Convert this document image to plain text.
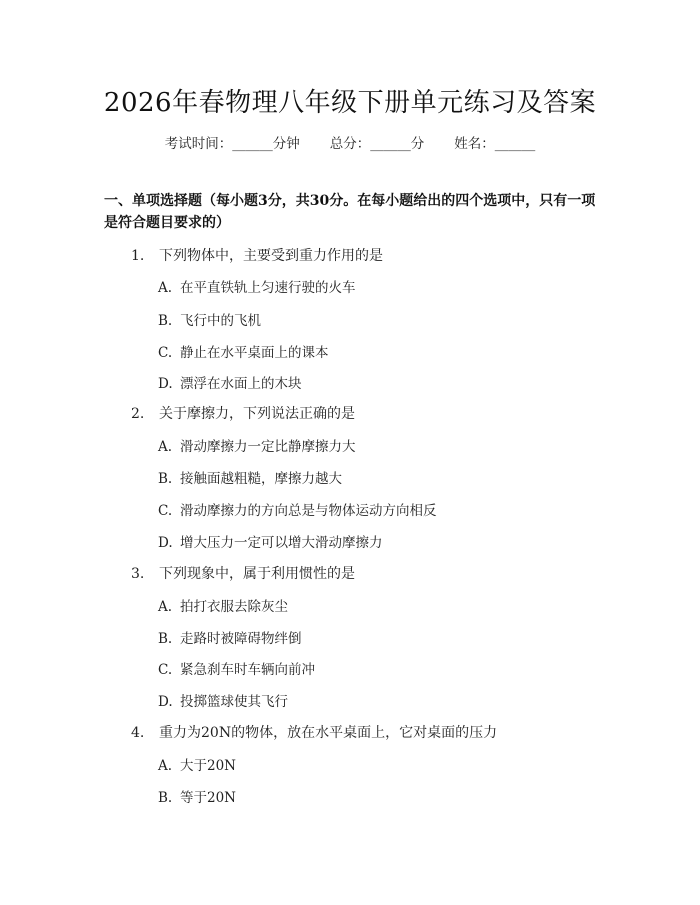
2026年春物理八年级下册单元练习及答案
考试时间：______分钟 总分：______分 姓名：______
一、单项选择题（每小题3分，共30分。在每小题给出的四个选项中，只有一项是符合题目要求的）
1. 下列物体中，主要受到重力作用的是
A. 在平直铁轨上匀速行驶的火车
B. 飞行中的飞机
C. 静止在水平桌面上的课本
D. 漂浮在水面上的木块
2. 关于摩擦力，下列说法正确的是
A. 滑动摩擦力一定比静摩擦力大
B. 接触面越粗糙，摩擦力越大
C. 滑动摩擦力的方向总是与物体运动方向相反
D. 增大压力一定可以增大滑动摩擦力
3. 下列现象中，属于利用惯性的是
A. 拍打衣服去除灰尘
B. 走路时被障碍物绊倒
C. 紧急刹车时车辆向前冲
D. 投掷篮球使其飞行
4. 重力为20N的物体，放在水平桌面上，它对桌面的压力
A. 大于20N
B. 等于20N
